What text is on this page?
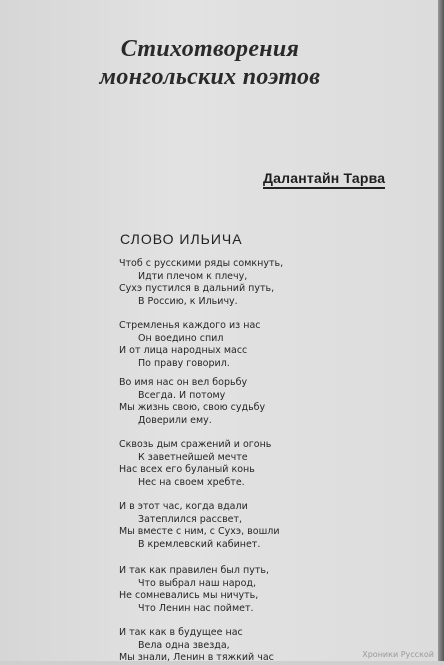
Стихотворения
монгольских поэтов
Далантайн Тарва
СЛОВО ИЛЬИЧА
Чтоб с русскими ряды сомкнуть,
Идти плечом к плечу,
Сухэ пустился в дальний путь,
В Россию, к Ильичу.
Стремленья каждого из нас
Он воедино спил
И от лица народных масс
По праву говорил.
Во имя нас он вел борьбу
Всегда. И потому
Мы жизнь свою, свою судьбу
Доверили ему.
Сквозь дым сражений и огонь
К заветнейшей мечте
Нас всех его буланый конь
Нес на своем хребте.
И в этот час, когда вдали
Затеплился рассвет,
Мы вместе с ним, с Сухэ, вошли
В кремлевский кабинет.
И так как правилен был путь,
Что выбрал наш народ,
Не сомневались мы ничуть,
Что Ленин нас поймет.
И так как в будущее нас
Вела одна звезда,
Мы знали, Ленин в тяжкий час	Хроники Русской
